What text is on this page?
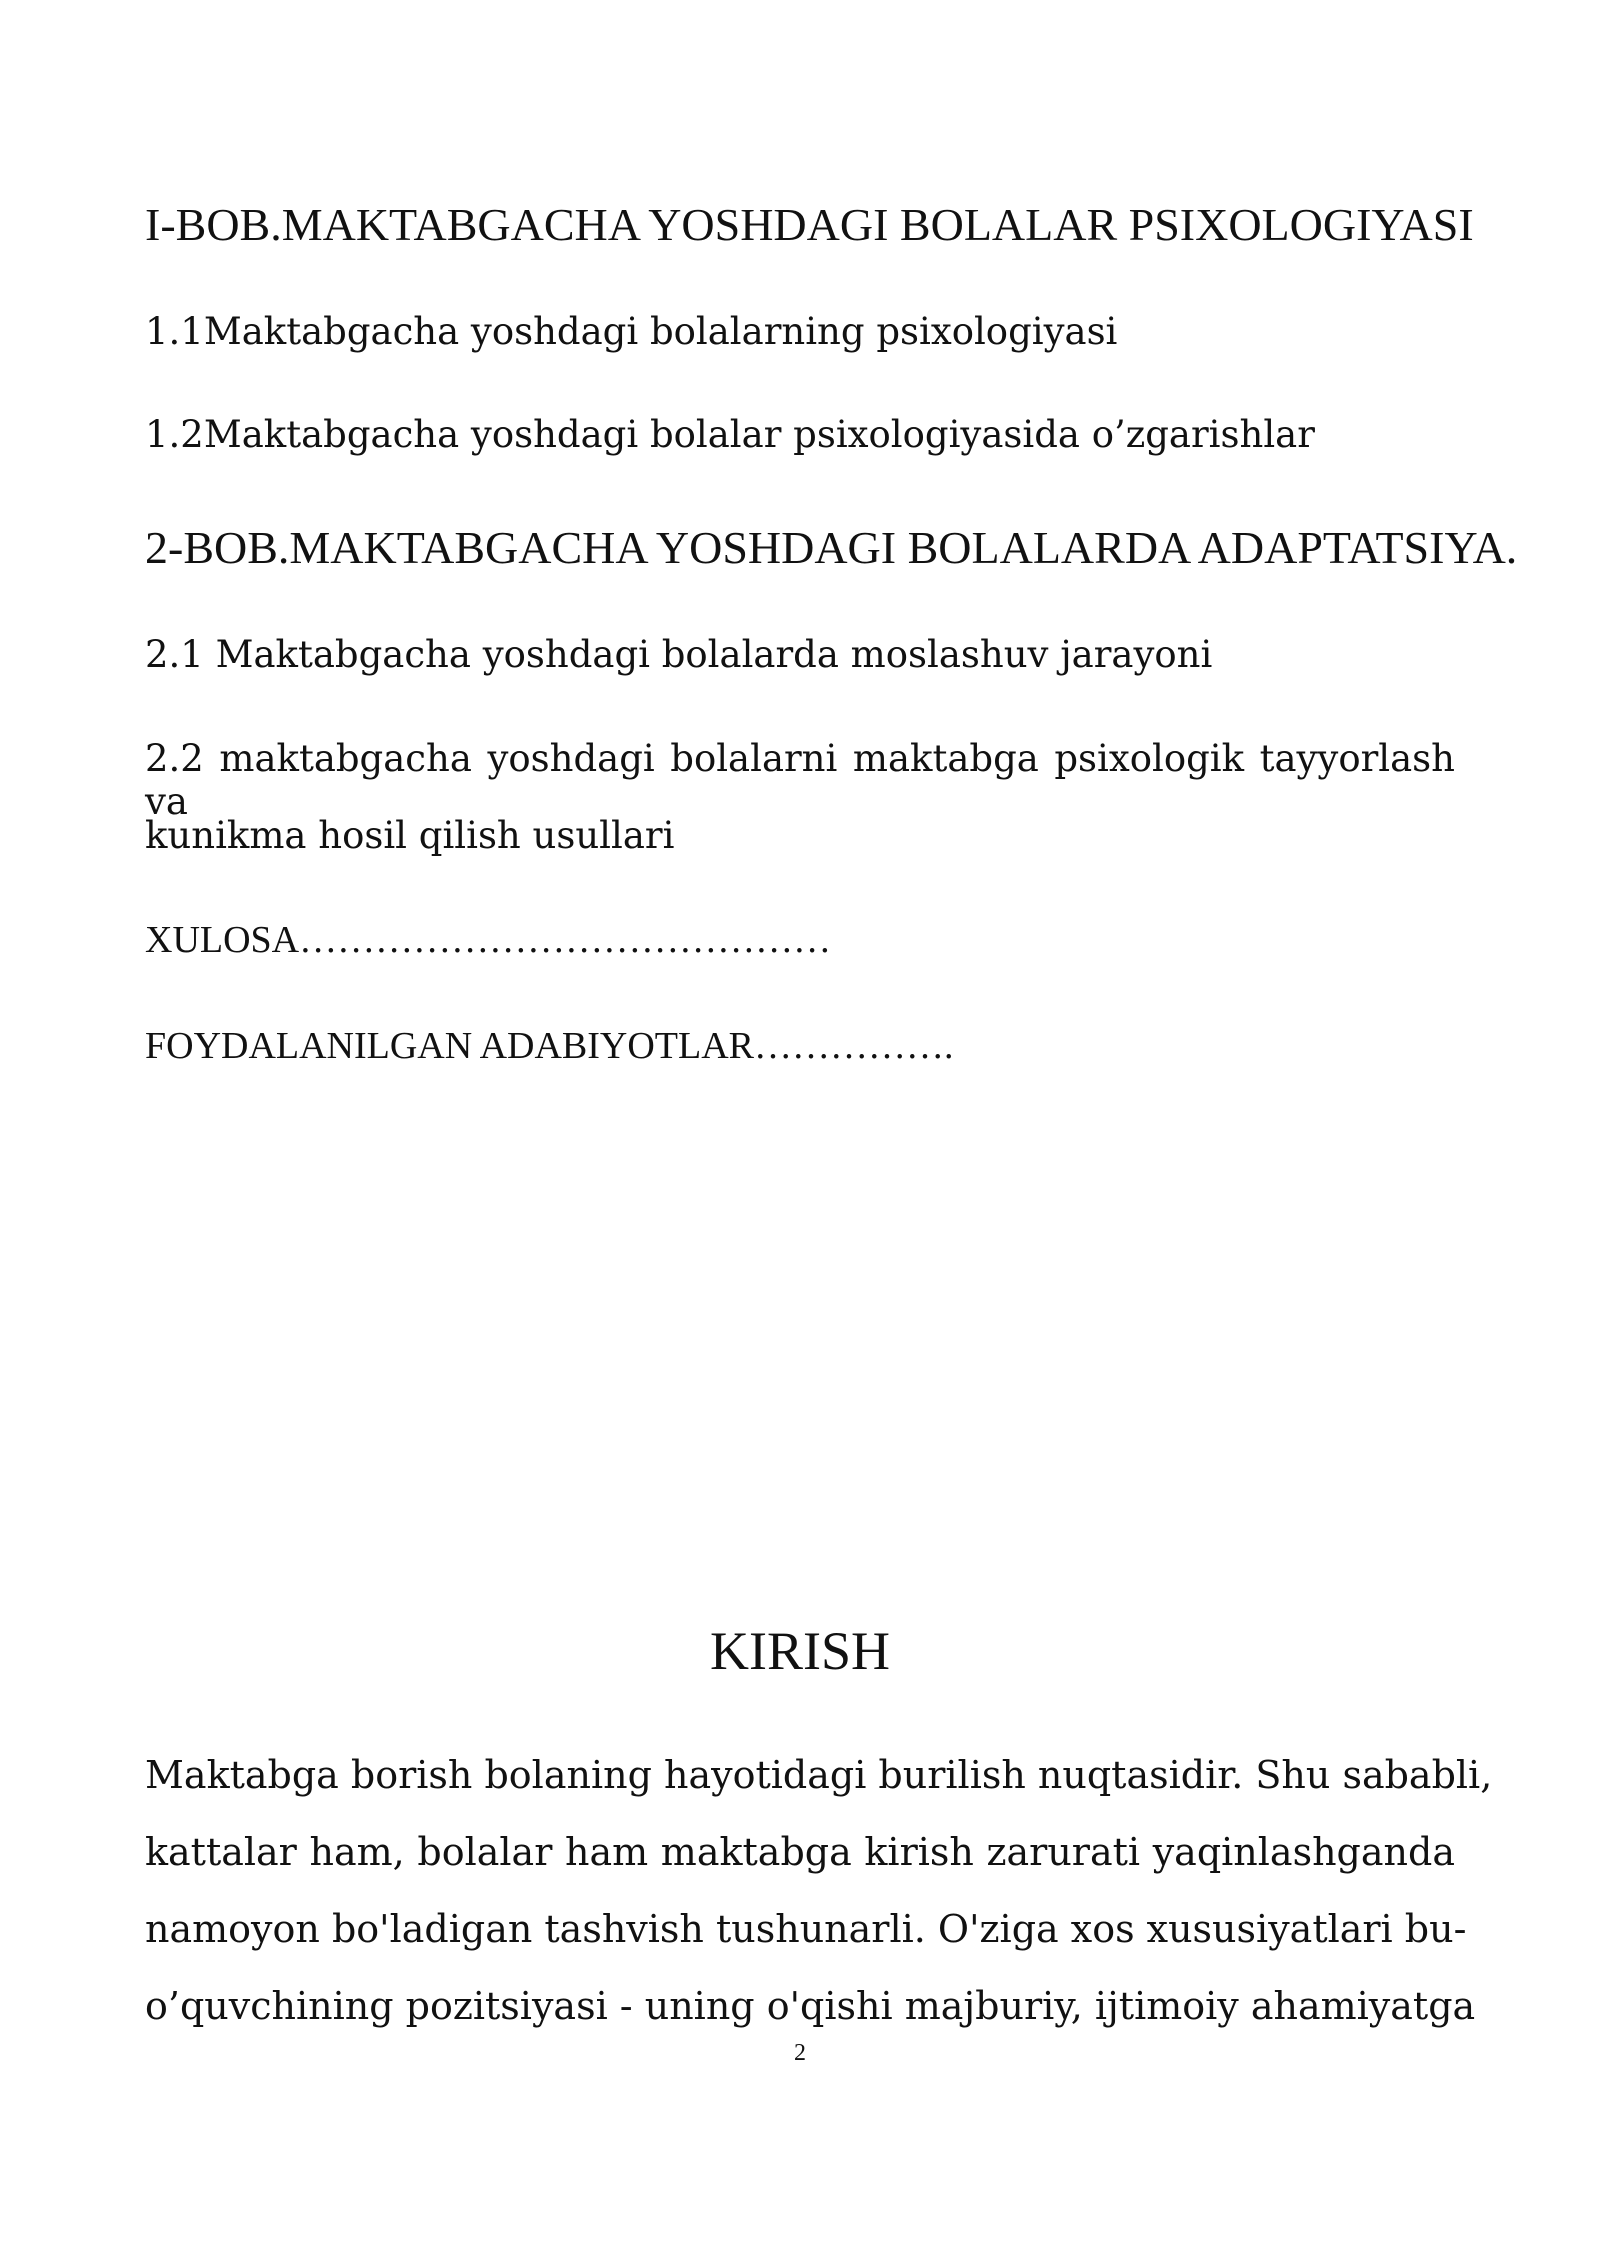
I-BOB.MAKTABGACHA YOSHDAGI BOLALAR PSIXOLOGIYASI
1.1Maktabgacha yoshdagi bolalarning psixologiyasi
1.2Maktabgacha yoshdagi bolalar psixologiyasida o’zgarishlar
2-BOB.MAKTABGACHA YOSHDAGI BOLALARDA ADAPTATSIYA.
2.1 Maktabgacha yoshdagi bolalarda moslashuv jarayoni
2.2 maktabgacha yoshdagi bolalarni maktabga psixologik tayyorlash va
kunikma hosil qilish usullari
XULOSA……………………………………
FOYDALANILGAN ADABIYOTLAR…………….
KIRISH
Maktabga borish bolaning hayotidagi burilish nuqtasidir. Shu sababli,
kattalar ham, bolalar ham maktabga kirish zarurati yaqinlashganda
namoyon bo'ladigan tashvish tushunarli. O'ziga xos xususiyatlari bu-
o’quvchining pozitsiyasi - uning o'qishi majburiy, ijtimoiy ahamiyatga
2
